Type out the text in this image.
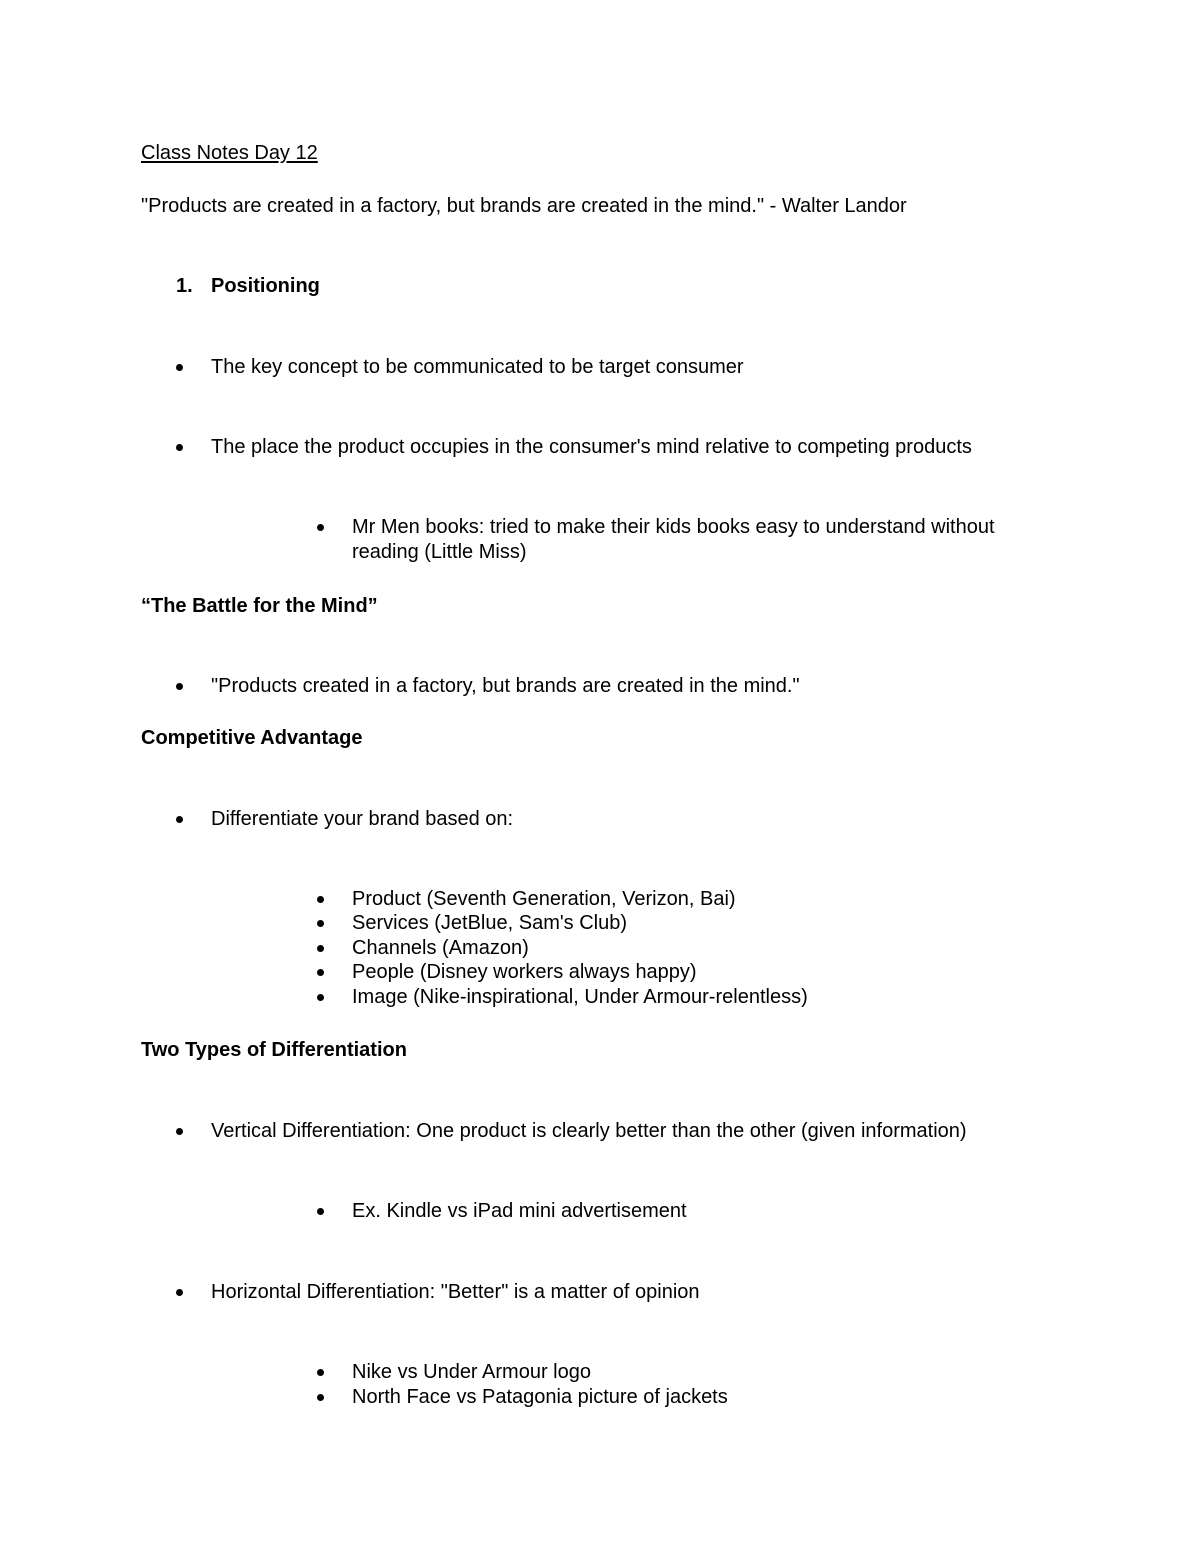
Class Notes Day 12
"Products are created in a factory, but brands are created in the mind." - Walter Landor
1. Positioning
The key concept to be communicated to be target consumer
The place the product occupies in the consumer's mind relative to competing products
Mr Men books: tried to make their kids books easy to understand without reading (Little Miss)
“The Battle for the Mind”
"Products created in a factory, but brands are created in the mind."
Competitive Advantage
Differentiate your brand based on:
Product (Seventh Generation, Verizon, Bai)
Services (JetBlue, Sam's Club)
Channels (Amazon)
People (Disney workers always happy)
Image (Nike-inspirational, Under Armour-relentless)
Two Types of Differentiation
Vertical Differentiation: One product is clearly better than the other (given information)
Ex. Kindle vs iPad mini advertisement
Horizontal Differentiation: "Better" is a matter of opinion
Nike vs Under Armour logo
North Face vs Patagonia picture of jackets
